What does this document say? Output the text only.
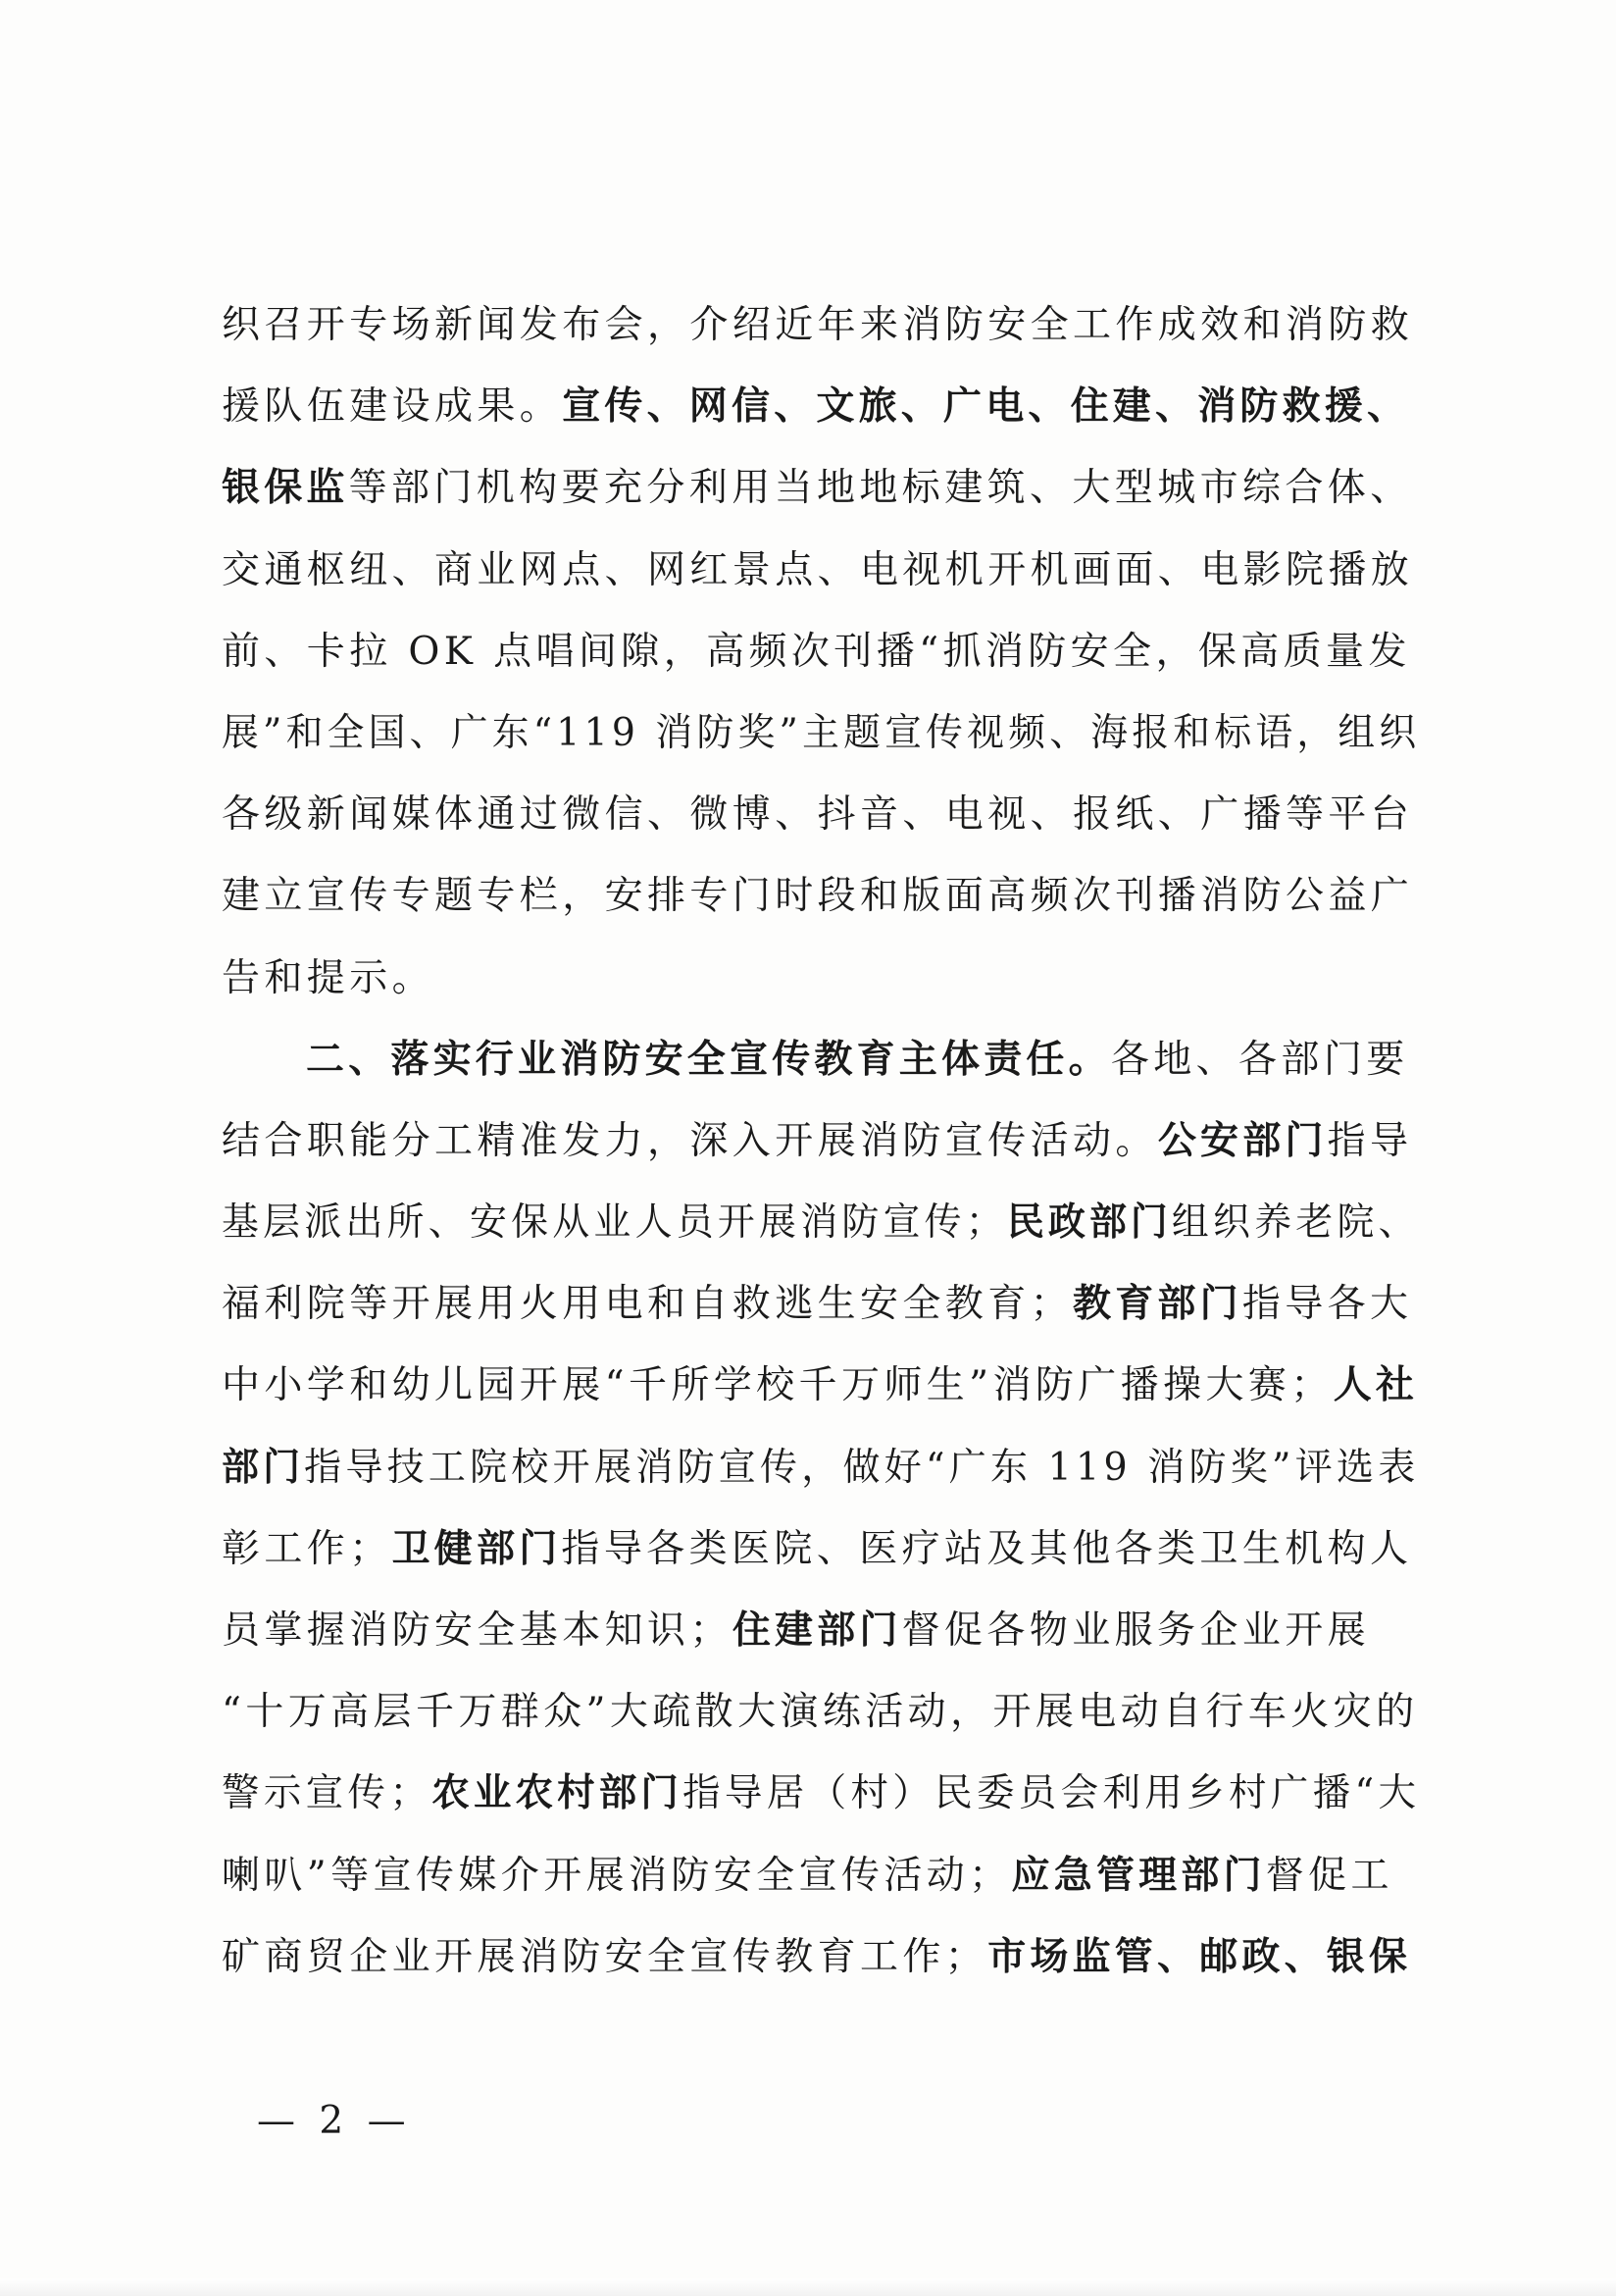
织召开专场新闻发布会，介绍近年来消防安全工作成效和消防救
援队伍建设成果。宣传、网信、文旅、广电、住建、消防救援、
银保监等部门机构要充分利用当地地标建筑、大型城市综合体、
交通枢纽、商业网点、网红景点、电视机开机画面、电影院播放
前、卡拉 OK 点唱间隙，高频次刊播“抓消防安全，保高质量发
展”和全国、广东“119 消防奖”主题宣传视频、海报和标语，组织
各级新闻媒体通过微信、微博、抖音、电视、报纸、广播等平台
建立宣传专题专栏，安排专门时段和版面高频次刊播消防公益广
告和提示。
二、落实行业消防安全宣传教育主体责任。各地、各部门要
结合职能分工精准发力，深入开展消防宣传活动。公安部门指导
基层派出所、安保从业人员开展消防宣传；民政部门组织养老院、
福利院等开展用火用电和自救逃生安全教育；教育部门指导各大
中小学和幼儿园开展“千所学校千万师生”消防广播操大赛；人社
部门指导技工院校开展消防宣传，做好“广东 119 消防奖”评选表
彰工作；卫健部门指导各类医院、医疗站及其他各类卫生机构人
员掌握消防安全基本知识；住建部门督促各物业服务企业开展
“十万高层千万群众”大疏散大演练活动，开展电动自行车火灾的
警示宣传；农业农村部门指导居（村）民委员会利用乡村广播“大
喇叭”等宣传媒介开展消防安全宣传活动；应急管理部门督促工
矿商贸企业开展消防安全宣传教育工作；市场监管、邮政、银保
— 2 —
